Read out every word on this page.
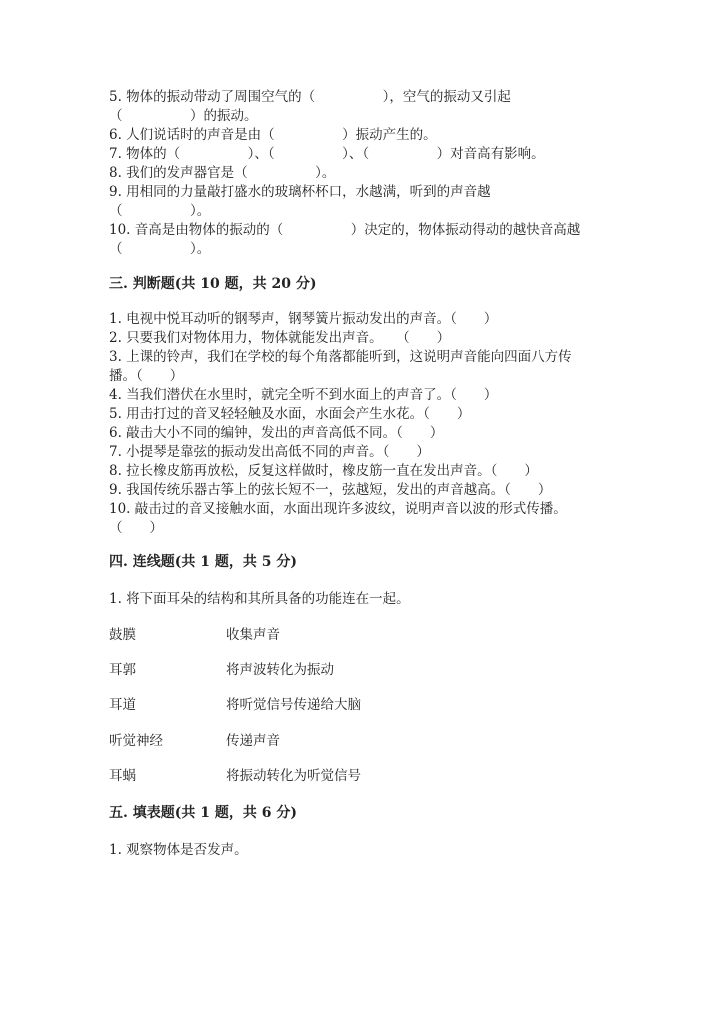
5. 物体的振动带动了周围空气的（　　　　　），空气的振动又引起
（　　　　　）的振动。
6. 人们说话时的声音是由（　　　　　）振动产生的。
7. 物体的（　　　　　）、（　　　　　）、（　　　　　）对音高有影响。
8. 我们的发声器官是（　　　　　）。
9. 用相同的力量敲打盛水的玻璃杯杯口，水越满，听到的声音越
（　　　　　）。
10. 音高是由物体的振动的（　　　　　）决定的，物体振动得动的越快音高越
（　　　　　）。
三. 判断题(共 10 题，共 20 分)
1. 电视中悦耳动听的钢琴声，钢琴簧片振动发出的声音。（　　）
2. 只要我们对物体用力，物体就能发出声音。　　（　　）
3. 上课的铃声，我们在学校的每个角落都能听到，这说明声音能向四面八方传
播。（　　）
4. 当我们潜伏在水里时，就完全听不到水面上的声音了。（　　）
5. 用击打过的音叉轻轻触及水面，水面会产生水花。（　　）
6. 敲击大小不同的编钟，发出的声音高低不同。（　　）
7. 小提琴是靠弦的振动发出高低不同的声音。（　　）
8. 拉长橡皮筋再放松，反复这样做时，橡皮筋一直在发出声音。（　　）
9. 我国传统乐器古筝上的弦长短不一，弦越短，发出的声音越高。（　　）
10. 敲击过的音叉接触水面，水面出现许多波纹，说明声音以波的形式传播。
（　　）
四. 连线题(共 1 题，共 5 分)
1. 将下面耳朵的结构和其所具备的功能连在一起。
鼓膜	收集声音
耳郭	将声波转化为振动
耳道	将听觉信号传递给大脑
听觉神经	传递声音
耳蜗	将振动转化为听觉信号
五. 填表题(共 1 题，共 6 分)
1. 观察物体是否发声。
